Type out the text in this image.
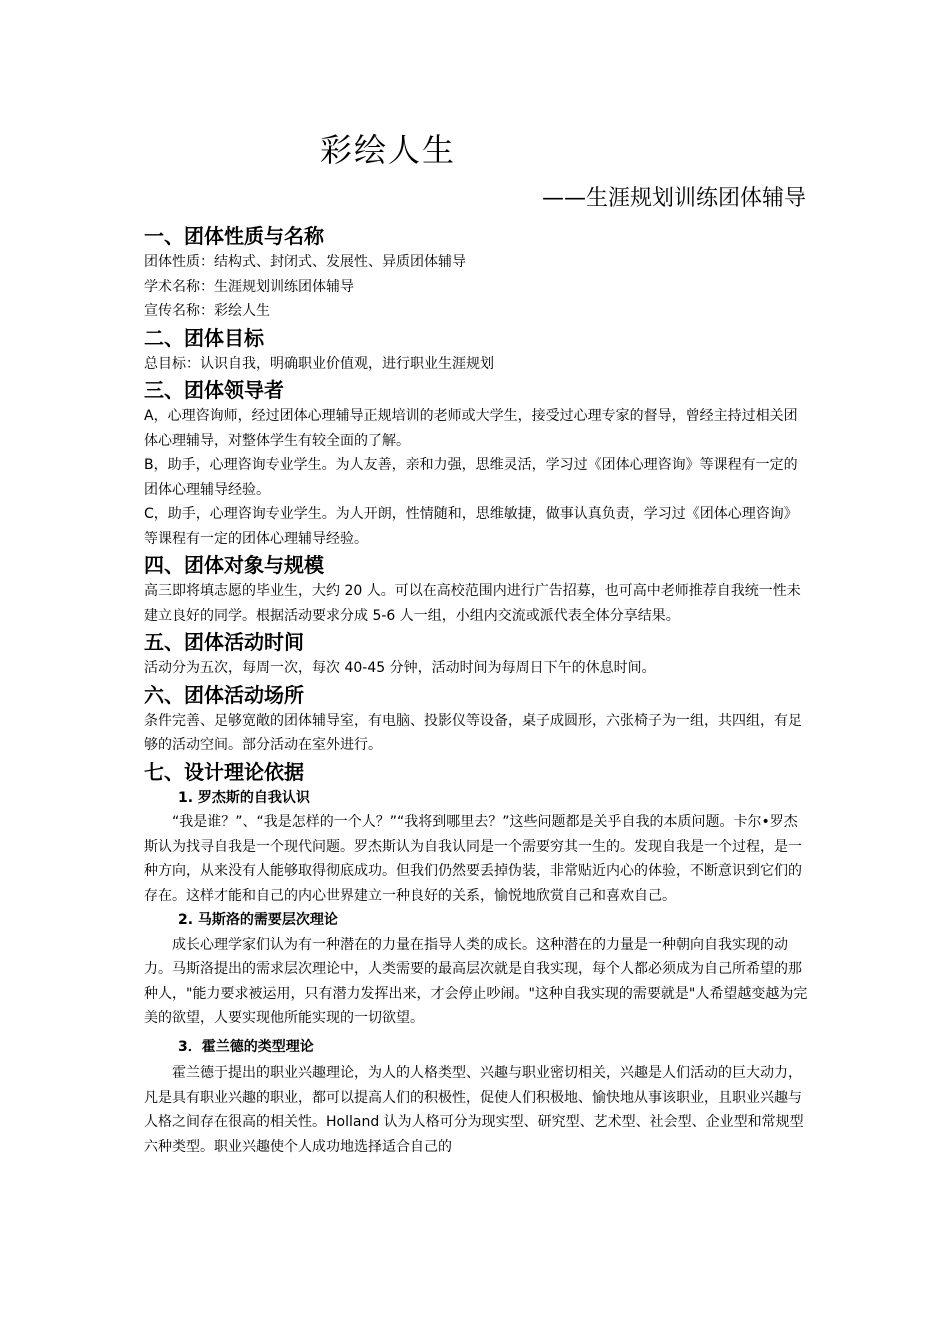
彩绘人生
——生涯规划训练团体辅导
一、团体性质与名称

团体性质：结构式、封闭式、发展性、异质团体辅导

学术名称：生涯规划训练团体辅导

宣传名称：彩绘人生

二、团体目标

总目标：认识自我，明确职业价值观，进行职业生涯规划

三、团体领导者

A，心理咨询师，经过团体心理辅导正规培训的老师或大学生，接受过心理专家的督导，曾经主持过相关团体心理辅导，对整体学生有较全面的了解。

B，助手，心理咨询专业学生。为人友善，亲和力强，思维灵活，学习过《团体心理咨询》等课程有一定的团体心理辅导经验。

C，助手，心理咨询专业学生。为人开朗，性情随和，思维敏捷，做事认真负责，学习过《团体心理咨询》等课程有一定的团体心理辅导经验。

四、团体对象与规模

高三即将填志愿的毕业生，大约 20 人。可以在高校范围内进行广告招募，也可高中老师推荐自我统一性未建立良好的同学。根据活动要求分成 5-6 人一组，小组内交流或派代表全体分享结果。

五、团体活动时间

活动分为五次，每周一次，每次 40-45 分钟，活动时间为每周日下午的休息时间。

六、团体活动场所

条件完善、足够宽敞的团体辅导室，有电脑、投影仪等设备，桌子成圆形，六张椅子为一组，共四组，有足够的活动空间。部分活动在室外进行。

七、设计理论依据

1. 罗杰斯的自我认识

“我是谁？”、“我是怎样的一个人？”“我将到哪里去？”这些问题都是关乎自我的本质问题。卡尔•罗杰斯认为找寻自我是一个现代问题。罗杰斯认为自我认同是一个需要穷其一生的。发现自我是一个过程，是一种方向，从来没有人能够取得彻底成功。但我们仍然要丢掉伪装，非常贴近内心的体验，不断意识到它们的存在。这样才能和自己的内心世界建立一种良好的关系，愉悦地欣赏自己和喜欢自己。

2. 马斯洛的需要层次理论

成长心理学家们认为有一种潜在的力量在指导人类的成长。这种潜在的力量是一种朝向自我实现的动力。马斯洛提出的需求层次理论中，人类需要的最高层次就是自我实现，每个人都必须成为自己所希望的那种人，"能力要求被运用，只有潜力发挥出来，才会停止吵闹。"这种自我实现的需要就是"人希望越变越为完美的欲望，人要实现他所能实现的一切欲望。

3．霍兰德的类型理论

霍兰德于提出的职业兴趣理论，为人的人格类型、兴趣与职业密切相关，兴趣是人们活动的巨大动力，凡是具有职业兴趣的职业，都可以提高人们的积极性，促使人们积极地、愉快地从事该职业，且职业兴趣与人格之间存在很高的相关性。Holland 认为人格可分为现实型、研究型、艺术型、社会型、企业型和常规型六种类型。职业兴趣使个人成功地选择适合自己的
